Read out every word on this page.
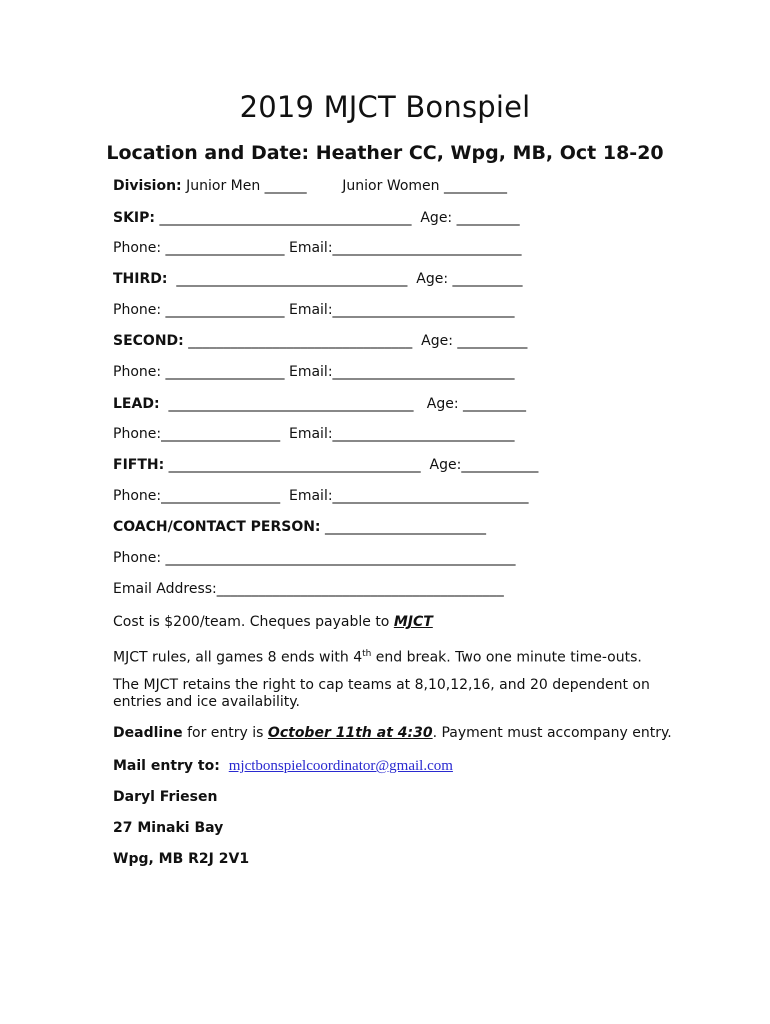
2019 MJCT Bonspiel
Location and Date: Heather CC, Wpg, MB, Oct 18-20
Division: Junior Men ______	Junior Women _________
SKIP: ____________________________________  Age: _________
Phone: _________________ Email:___________________________
THIRD:  _________________________________  Age: __________
Phone: _________________ Email:__________________________
SECOND: ________________________________  Age: __________
Phone: _________________ Email:__________________________
LEAD:  ___________________________________   Age: _________
Phone:_________________  Email:__________________________
FIFTH: ____________________________________  Age:___________
Phone:_________________  Email:____________________________
COACH/CONTACT PERSON: _______________________
Phone: __________________________________________________
Email Address:_________________________________________
Cost is $200/team. Cheques payable to MJCT
MJCT rules, all games 8 ends with 4th end break. Two one minute time-outs.
The MJCT retains the right to cap teams at 8,10,12,16, and 20 dependent on entries and ice availability.
Deadline for entry is October 11th at 4:30. Payment must accompany entry.
Mail entry to: mjctbonspielcoordinator@gmail.com
Daryl Friesen
27 Minaki Bay
Wpg, MB R2J 2V1
